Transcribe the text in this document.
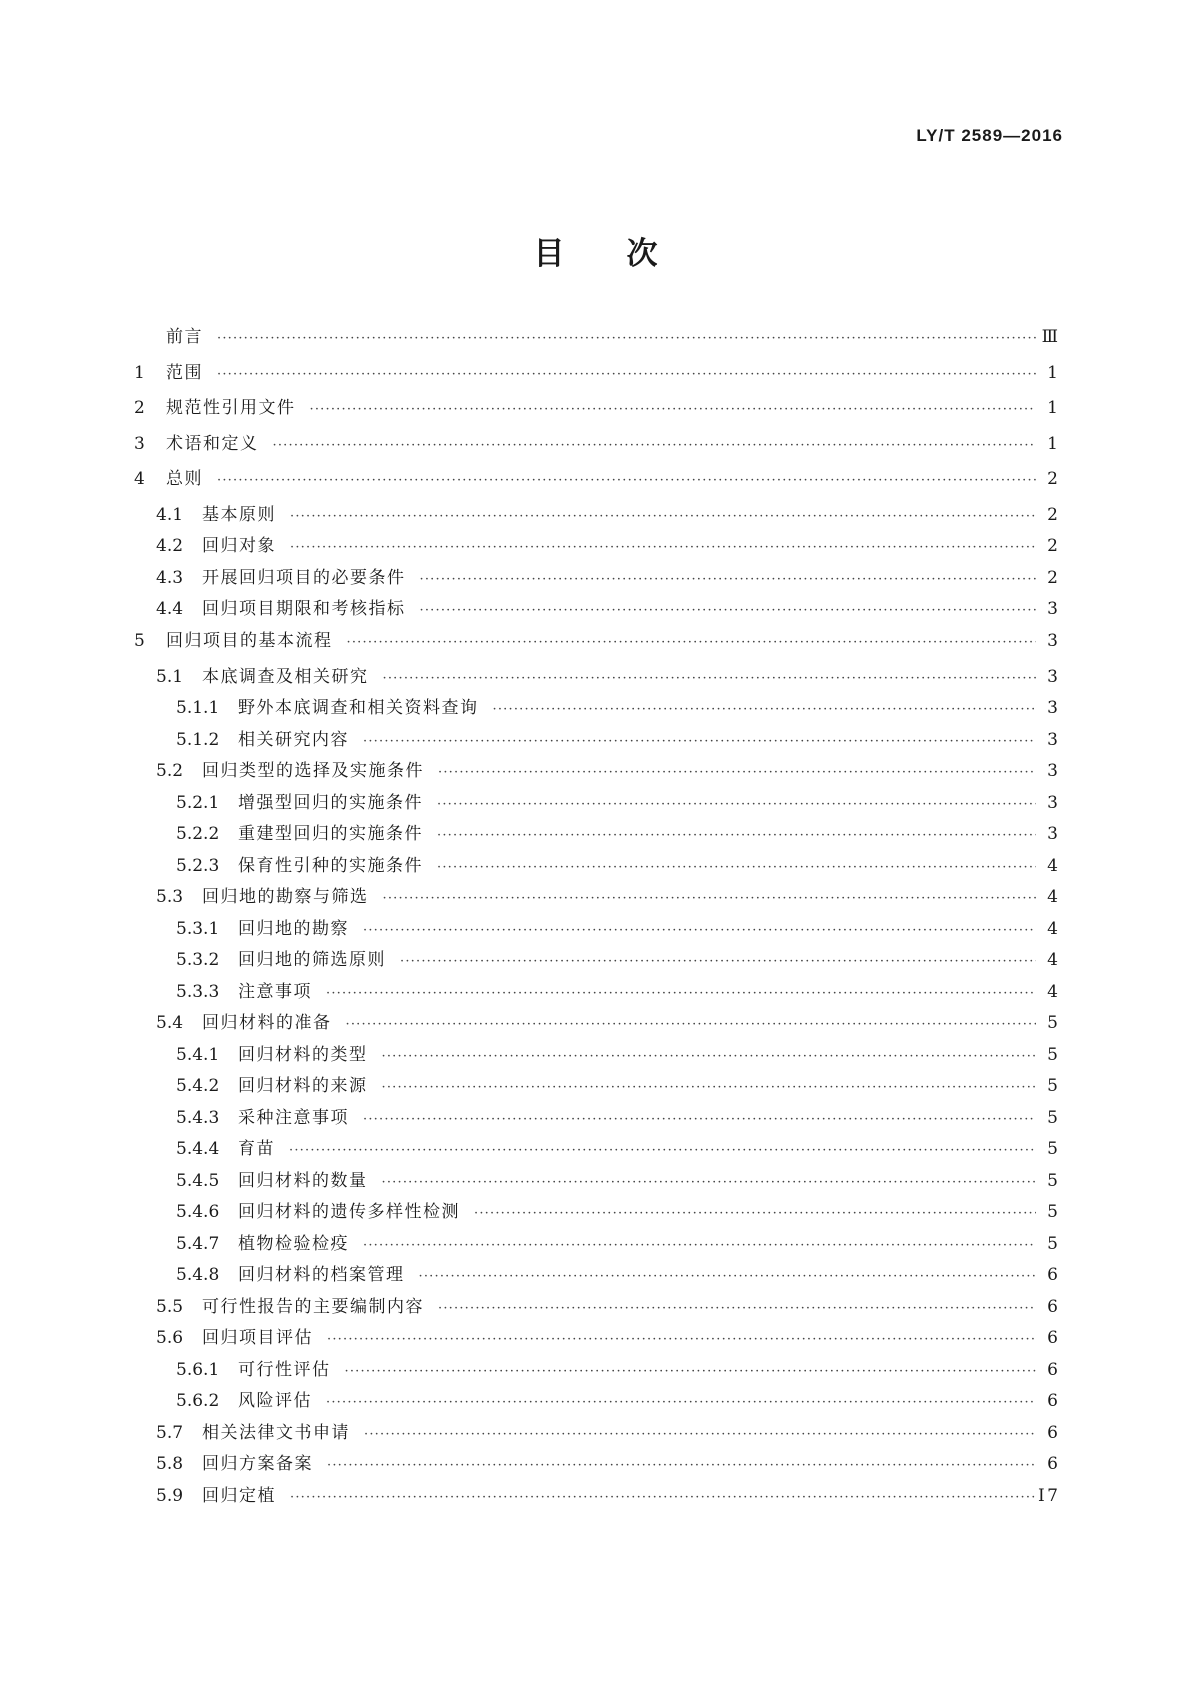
LY/T 2589—2016
目次
前言 ·····	Ⅲ
1	范围 ·····	1
2	规范性引用文件 ·····	1
3	术语和定义 ·····	1
4	总则 ·····	2
4.1	基本原则 ·····	2
4.2	回归对象 ·····	2
4.3	开展回归项目的必要条件 ·····	2
4.4	回归项目期限和考核指标 ·····	3
5	回归项目的基本流程 ·····	3
5.1	本底调查及相关研究 ·····	3
5.1.1	野外本底调查和相关资料查询 ·····	3
5.1.2	相关研究内容 ·····	3
5.2	回归类型的选择及实施条件 ·····	3
5.2.1	增强型回归的实施条件 ·····	3
5.2.2	重建型回归的实施条件 ·····	3
5.2.3	保育性引种的实施条件 ·····	4
5.3	回归地的勘察与筛选 ·····	4
5.3.1	回归地的勘察 ·····	4
5.3.2	回归地的筛选原则 ·····	4
5.3.3	注意事项 ·····	4
5.4	回归材料的准备 ·····	5
5.4.1	回归材料的类型 ·····	5
5.4.2	回归材料的来源 ·····	5
5.4.3	采种注意事项 ·····	5
5.4.4	育苗 ·····	5
5.4.5	回归材料的数量 ·····	5
5.4.6	回归材料的遗传多样性检测 ·····	5
5.4.7	植物检验检疫 ·····	5
5.4.8	回归材料的档案管理 ·····	6
5.5	可行性报告的主要编制内容 ·····	6
5.6	回归项目评估 ·····	6
5.6.1	可行性评估 ·····	6
5.6.2	风险评估 ·····	6
5.7	相关法律文书申请 ·····	6
5.8	回归方案备案 ·····	6
5.9	回归定植 ·····	7
Ⅰ
